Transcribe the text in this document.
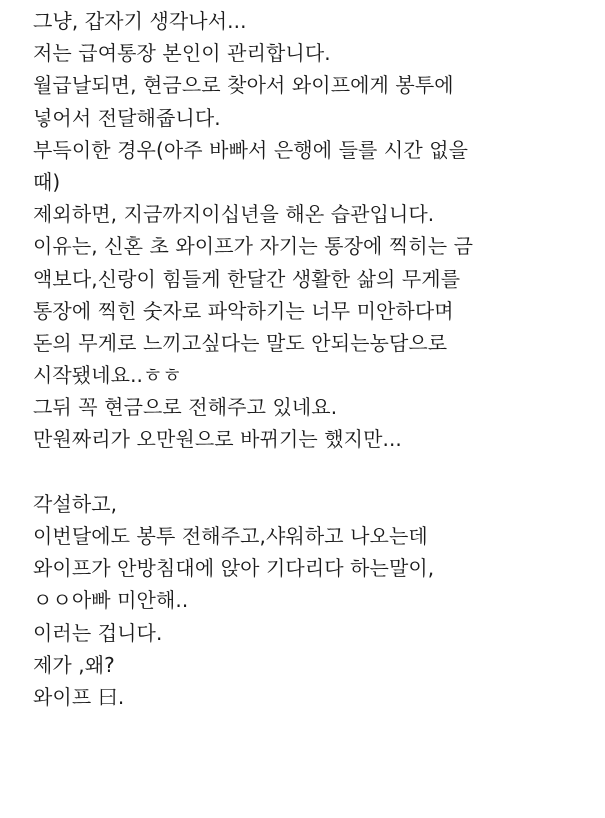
그냥, 갑자기 생각나서...
저는 급여통장 본인이 관리합니다.
월급날되면, 현금으로 찾아서 와이프에게 봉투에
넣어서 전달해줍니다.
부득이한 경우(아주 바빠서 은행에 들를 시간 없을
때)
제외하면, 지금까지이십년을 해온 습관입니다.
이유는, 신혼 초 와이프가 자기는 통장에 찍히는 금
액보다,신랑이 힘들게 한달간 생활한 삶의 무게를
통장에 찍힌 숫자로 파악하기는 너무 미안하다며
돈의 무게로 느끼고싶다는 말도 안되는농담으로
시작됐네요..ㅎㅎ
그뒤 꼭 현금으로 전해주고 있네요.
만원짜리가 오만원으로 바뀌기는 했지만...
각설하고,
이번달에도 봉투 전해주고,샤워하고 나오는데
와이프가 안방침대에 앉아 기다리다 하는말이,
ㅇㅇ아빠 미안해..
이러는 겁니다.
제가 ,왜?
와이프 曰.
